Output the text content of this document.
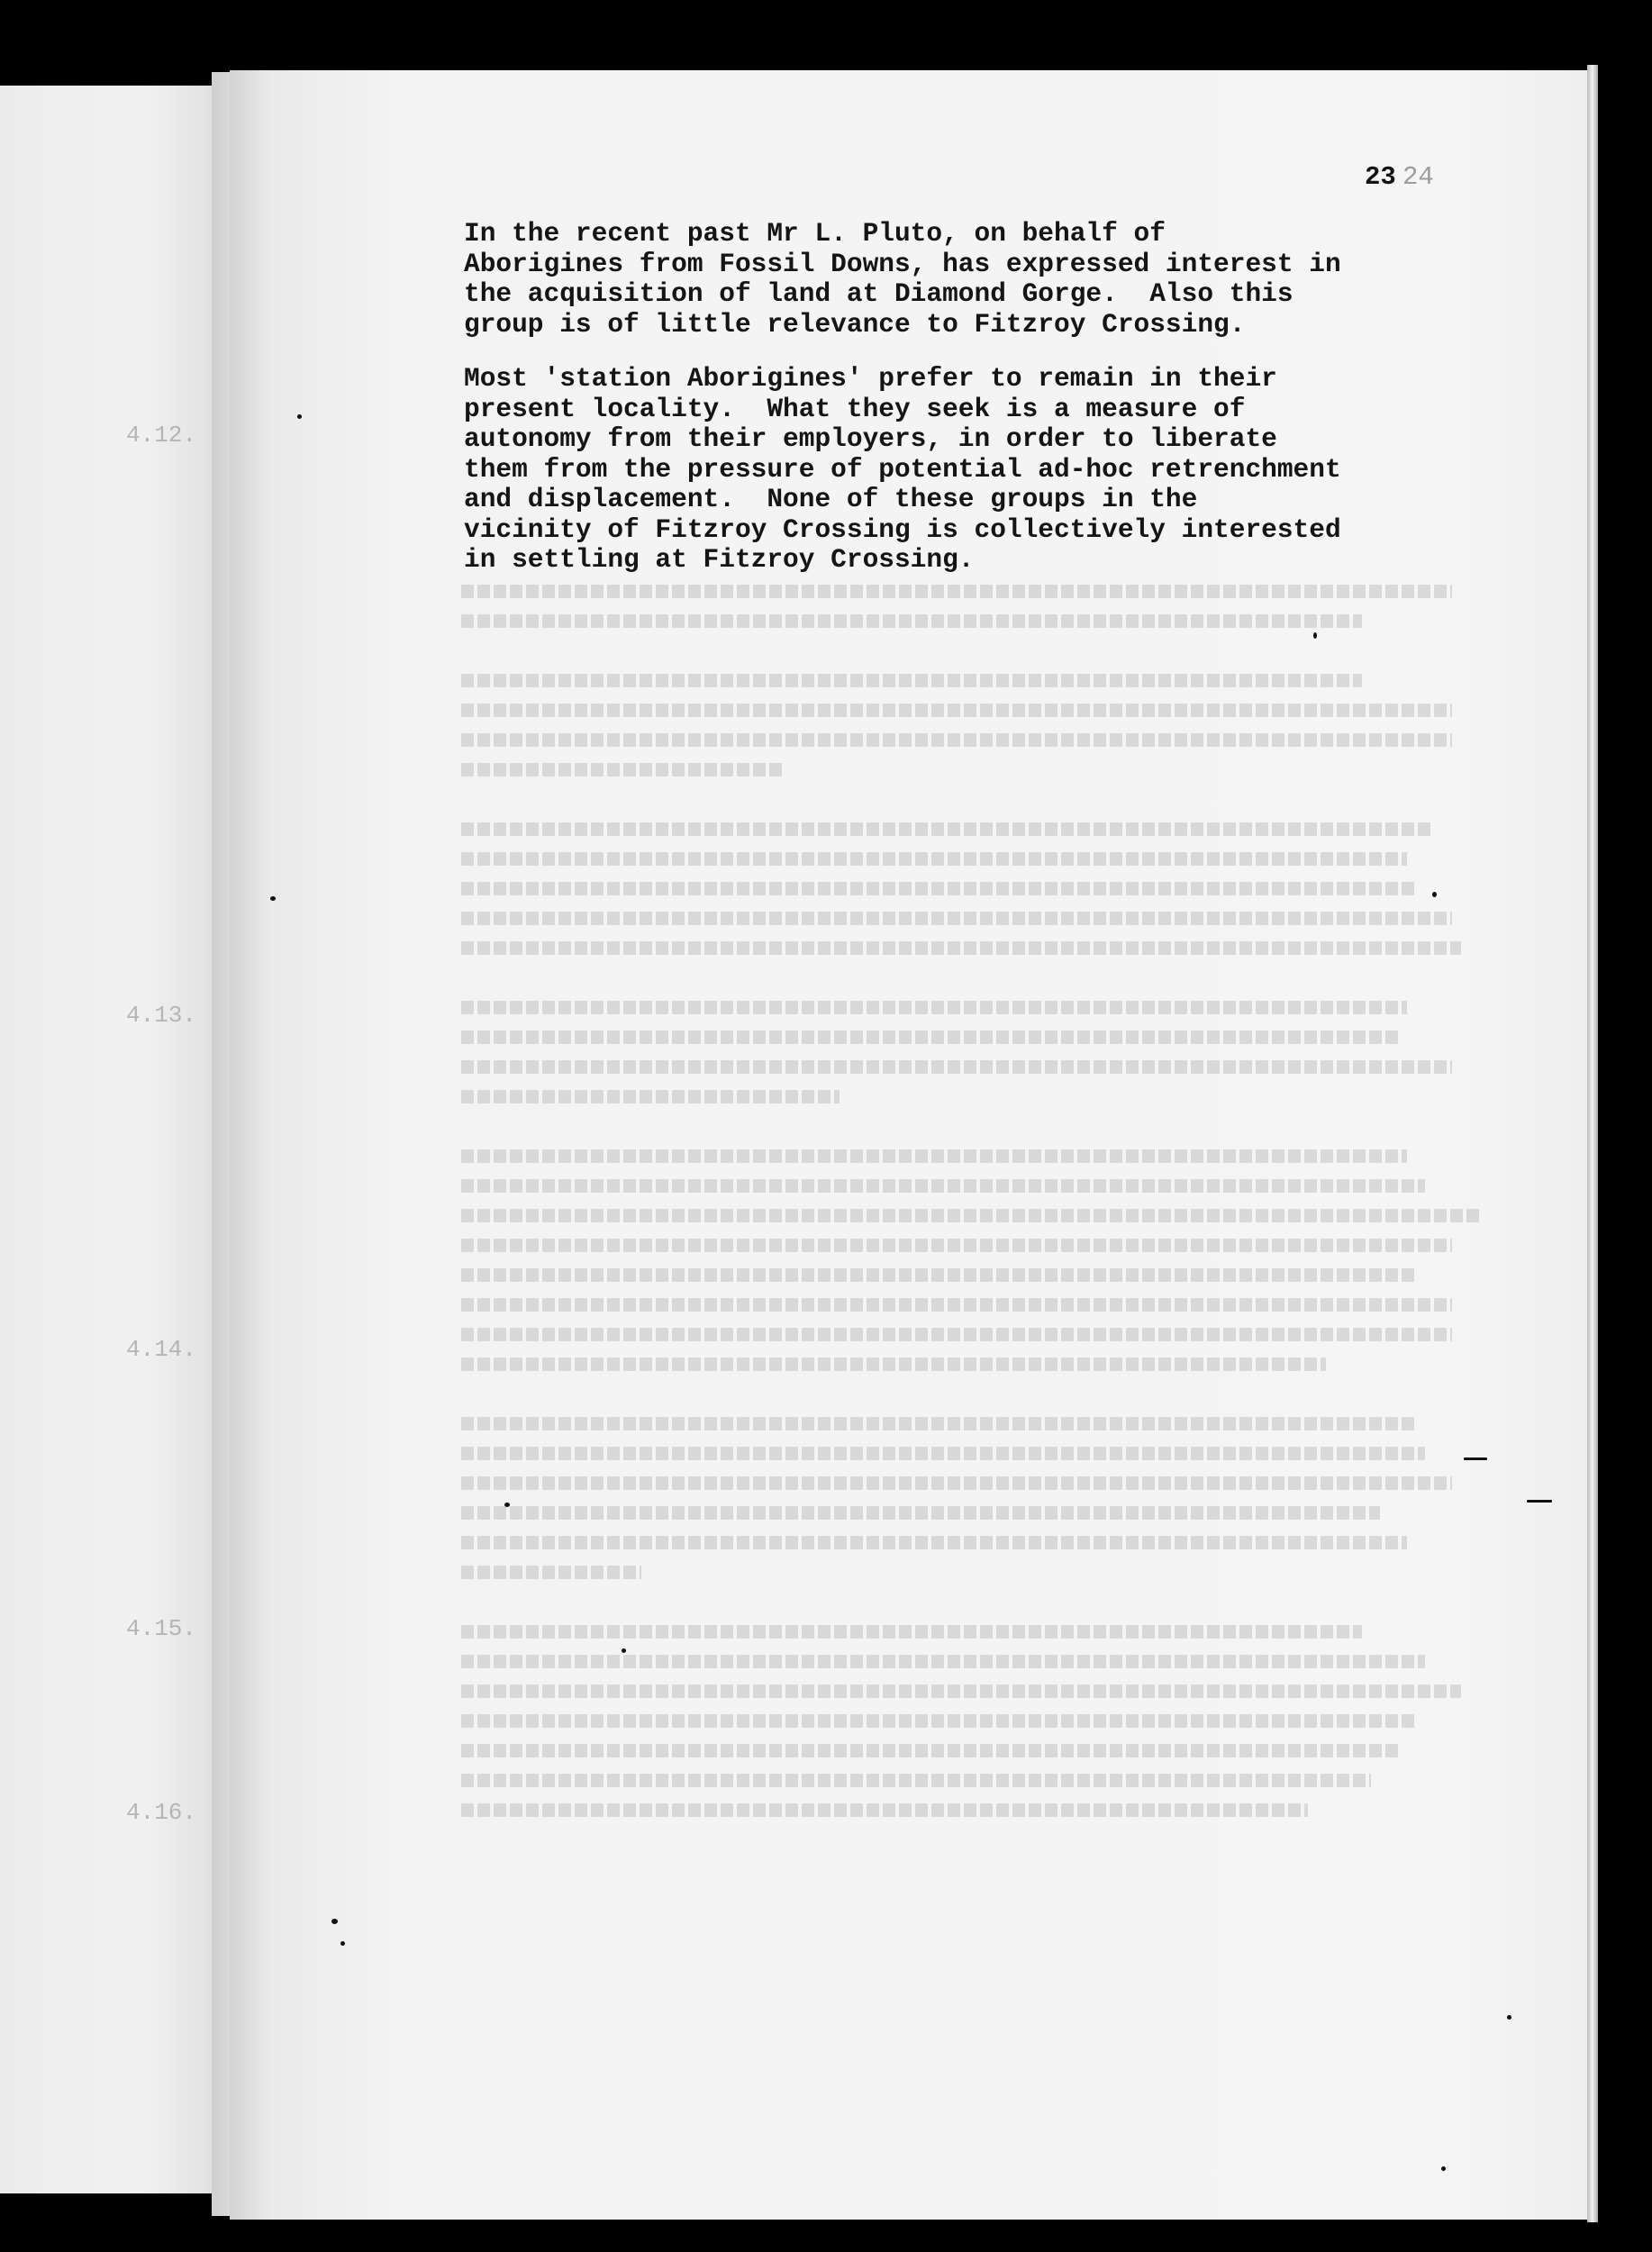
24
23

In the recent past Mr L. Pluto, on behalf of
Aborigines from Fossil Downs, has expressed interest in
the acquisition of land at Diamond Gorge.  Also this
group is of little relevance to Fitzroy Crossing.

Most 'station Aborigines' prefer to remain in their
present locality.  What they seek is a measure of
autonomy from their employers, in order to liberate
them from the pressure of potential ad-hoc retrenchment
and displacement.  None of these groups in the
vicinity of Fitzroy Crossing is collectively interested
in settling at Fitzroy Crossing.

4.12.
4.13.
4.14.
4.15.
4.16.
